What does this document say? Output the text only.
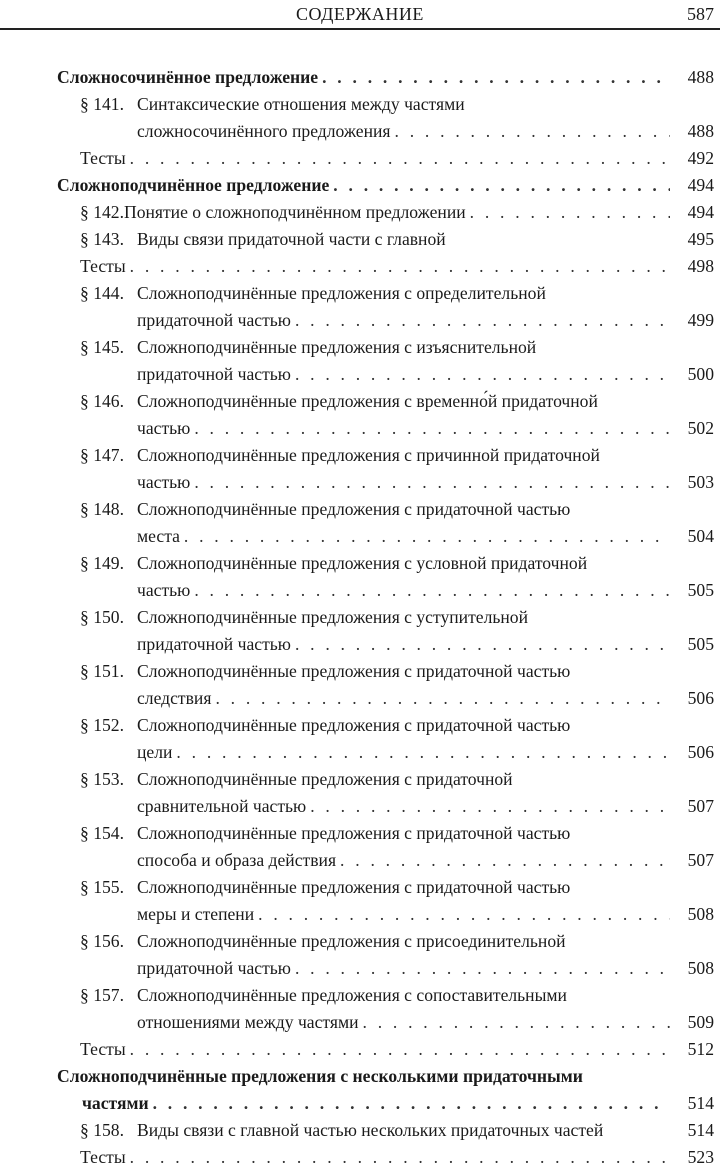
СОДЕРЖАНИЕ	587
Сложносочинённое предложение . . .	488
§ 141. Синтаксические отношения между частями
сложносочинённого предложения . . .	488
Тесты . . .	492
Сложноподчинённое предложение . . .	494
§ 142. Понятие о сложноподчинённом предложении . . .	494
§ 143. Виды связи придаточной части с главной	495
Тесты . . .	498
§ 144. Сложноподчинённые предложения с определительной
придаточной частью . . .	499
§ 145. Сложноподчинённые предложения с изъяснительной
придаточной частью . . .	500
§ 146. Сложноподчинённые предложения с временно́й придаточной
частью . . .	502
§ 147. Сложноподчинённые предложения с причинной придаточной
частью . . .	503
§ 148. Сложноподчинённые предложения с придаточной частью
места . . .	504
§ 149. Сложноподчинённые предложения с условной придаточной
частью . . .	505
§ 150. Сложноподчинённые предложения с уступительной
придаточной частью . . .	505
§ 151. Сложноподчинённые предложения с придаточной частью
следствия . . .	506
§ 152. Сложноподчинённые предложения с придаточной частью
цели . . .	506
§ 153. Сложноподчинённые предложения с придаточной
сравнительной частью . . .	507
§ 154. Сложноподчинённые предложения с придаточной частью
способа и образа действия . . .	507
§ 155. Сложноподчинённые предложения с придаточной частью
меры и степени . . .	508
§ 156. Сложноподчинённые предложения с присоединительной
придаточной частью . . .	508
§ 157. Сложноподчинённые предложения с сопоставительными
отношениями между частями . . .	509
Тесты . . .	512
Сложноподчинённые предложения с несколькими придаточными
частями . . .	514
§ 158. Виды связи с главной частью нескольких придаточных частей	514
Тесты . . .	523
